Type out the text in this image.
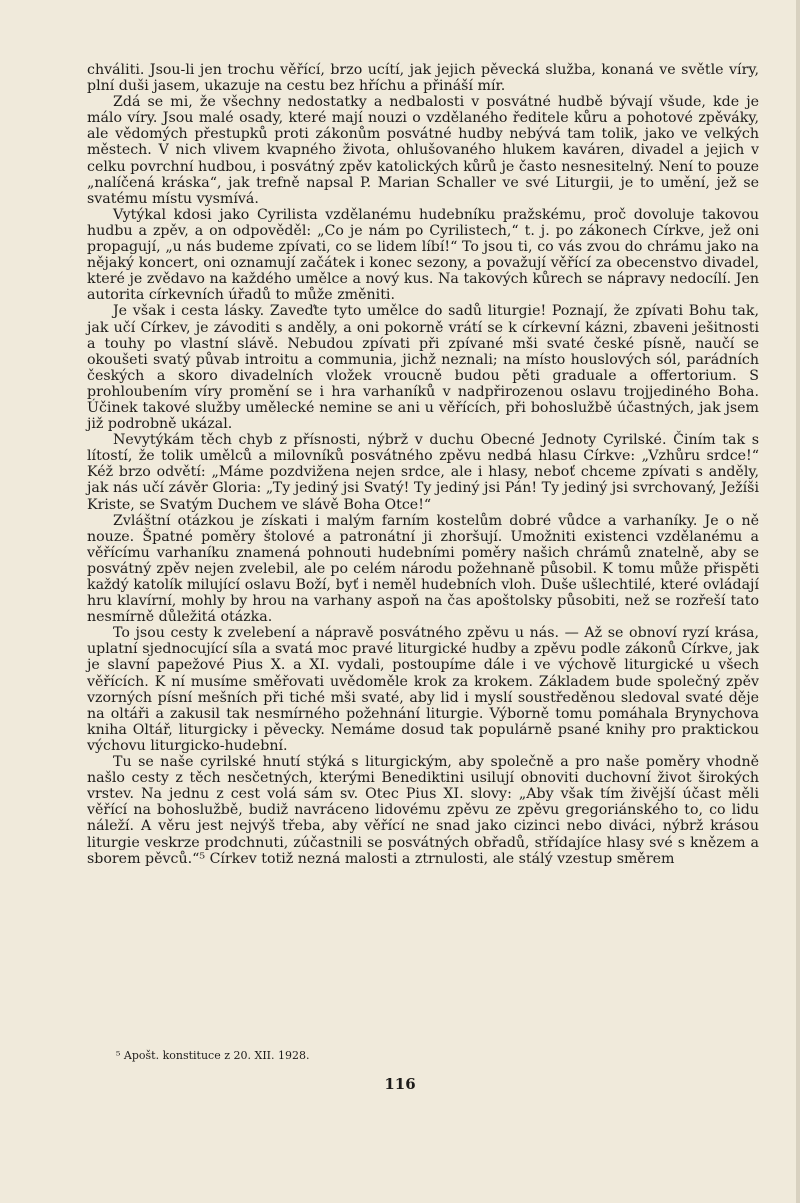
chváliti. Jsou-li jen trochu věřící, brzo ucítí, jak jejich pěvecká služba, konaná ve světle víry, plní duši jasem, ukazuje na cestu bez hříchu a přináší mír.

Zdá se mi, že všechny nedostatky a nedbalosti v posvátné hudbě bývají všude, kde je málo víry. Jsou malé osady, které mají nouzi o vzdělaného ředitele kůru a pohotové zpěváky, ale vědomých přestupků proti zákonům posvátné hudby nebývá tam tolik, jako ve velkých městech. V nich vlivem kvapného života, ohlušovaného hlukem kaváren, divadel a jejich v celku povrchní hudbou, i posvátný zpěv katolických kůrů je často nesnesitelný. Není to pouze „nalíčená kráska“, jak trefně napsal P. Marian Schaller ve své Liturgii, je to umění, jež se svatému místu vysmívá.

Vytýkal kdosi jako Cyrilista vzdělanému hudebníku pražskému, proč dovoluje takovou hudbu a zpěv, a on odpověděl: „Co je nám po Cyrilistech,“ t. j. po zákonech Církve, jež oni propagují, „u nás budeme zpívati, co se lidem líbí!“ To jsou ti, co vás zvou do chrámu jako na nějaký koncert, oni oznamují začátek i konec sezony, a považují věřící za obecenstvo divadel, které je zvědavo na každého umělce a nový kus. Na takových kůrech se nápravy nedocílí. Jen autorita církevních úřadů to může změniti.

Je však i cesta lásky. Zaveďte tyto umělce do sadů liturgie! Poznají, že zpívati Bohu tak, jak učí Církev, je závoditi s anděly, a oni pokorně vrátí se k církevní kázni, zbaveni ješitnosti a touhy po vlastní slávě. Nebudou zpívati při zpívané mši svaté české písně, naučí se okoušeti svatý půvab introitu a communia, jichž neznali; na místo houslových sól, parádních českých a skoro divadelních vložek vroucně budou pěti graduale a offertorium. S prohloubením víry promění se i hra varhaníků v nadpřirozenou oslavu trojjediného Boha. Účinek takové služby umělecké nemine se ani u věřících, při bohoslužbě účastných, jak jsem již podrobně ukázal.

Nevytýkám těch chyb z přísnosti, nýbrž v duchu Obecné Jednoty Cyrilské. Činím tak s lítostí, že tolik umělců a milovníků posvátného zpěvu nedbá hlasu Církve: „Vzhůru srdce!“ Kéž brzo odvětí: „Máme pozdvižena nejen srdce, ale i hlasy, neboť chceme zpívati s anděly, jak nás učí závěr Gloria: „Ty jediný jsi Svatý! Ty jediný jsi Pán! Ty jediný jsi svrchovaný, Ježíši Kriste, se Svatým Duchem ve slávě Boha Otce!“

Zvláštní otázkou je získati i malým farním kostelům dobré vůdce a varhaníky. Je o ně nouze. Špatné poměry štolové a patronátní ji zhoršují. Umožniti existenci vzdělanému a věřícímu varhaníku znamená pohnouti hudebními poměry našich chrámů znatelně, aby se posvátný zpěv nejen zvelebil, ale po celém národu požehnaně působil. K tomu může přispěti každý katolík milující oslavu Boží, byť i neměl hudebních vloh. Duše ušlechtilé, které ovládají hru klavírní, mohly by hrou na varhany aspoň na čas apoštolsky působiti, než se rozřeší tato nesmírně důležitá otázka.

To jsou cesty k zvelebení a nápravě posvátného zpěvu u nás. — Až se obnoví ryzí krása, uplatní sjednocující síla a svatá moc pravé liturgické hudby a zpěvu podle zákonů Církve, jak je slavní papežové Pius X. a XI. vydali, postoupíme dále i ve výchově liturgické u všech věřících. K ní musíme směřovati uvědoměle krok za krokem. Základem bude společný zpěv vzorných písní mešních při tiché mši svaté, aby lid i myslí soustředěnou sledoval svaté děje na oltáři a zakusil tak nesmírného požehnání liturgie. Výborně tomu pomáhala Brynychova kniha Oltář, liturgicky i pěvecky. Nemáme dosud tak populárně psané knihy pro praktickou výchovu liturgicko-hudební.

Tu se naše cyrilské hnutí stýká s liturgickým, aby společně a pro naše poměry vhodně našlo cesty z těch nesčetných, kterými Benediktini usilují obnoviti duchovní život širokých vrstev. Na jednu z cest volá sám sv. Otec Pius XI. slovy: „Aby však tím živější účast měli věřící na bohoslužbě, budiž navráceno lidovému zpěvu ze zpěvu gregoriánského to, co lidu náleží. A věru jest nejvýš třeba, aby věřící ne snad jako cizinci nebo diváci, nýbrž krásou liturgie veskrze prodchnuti, zúčastnili se posvátných obřadů, střídajíce hlasy své s knězem a sborem pěvců.“⁵ Církev totiž nezná malosti a ztrnulosti, ale stálý vzestup směrem

⁵ Apošt. konstituce z 20. XII. 1928.
116
